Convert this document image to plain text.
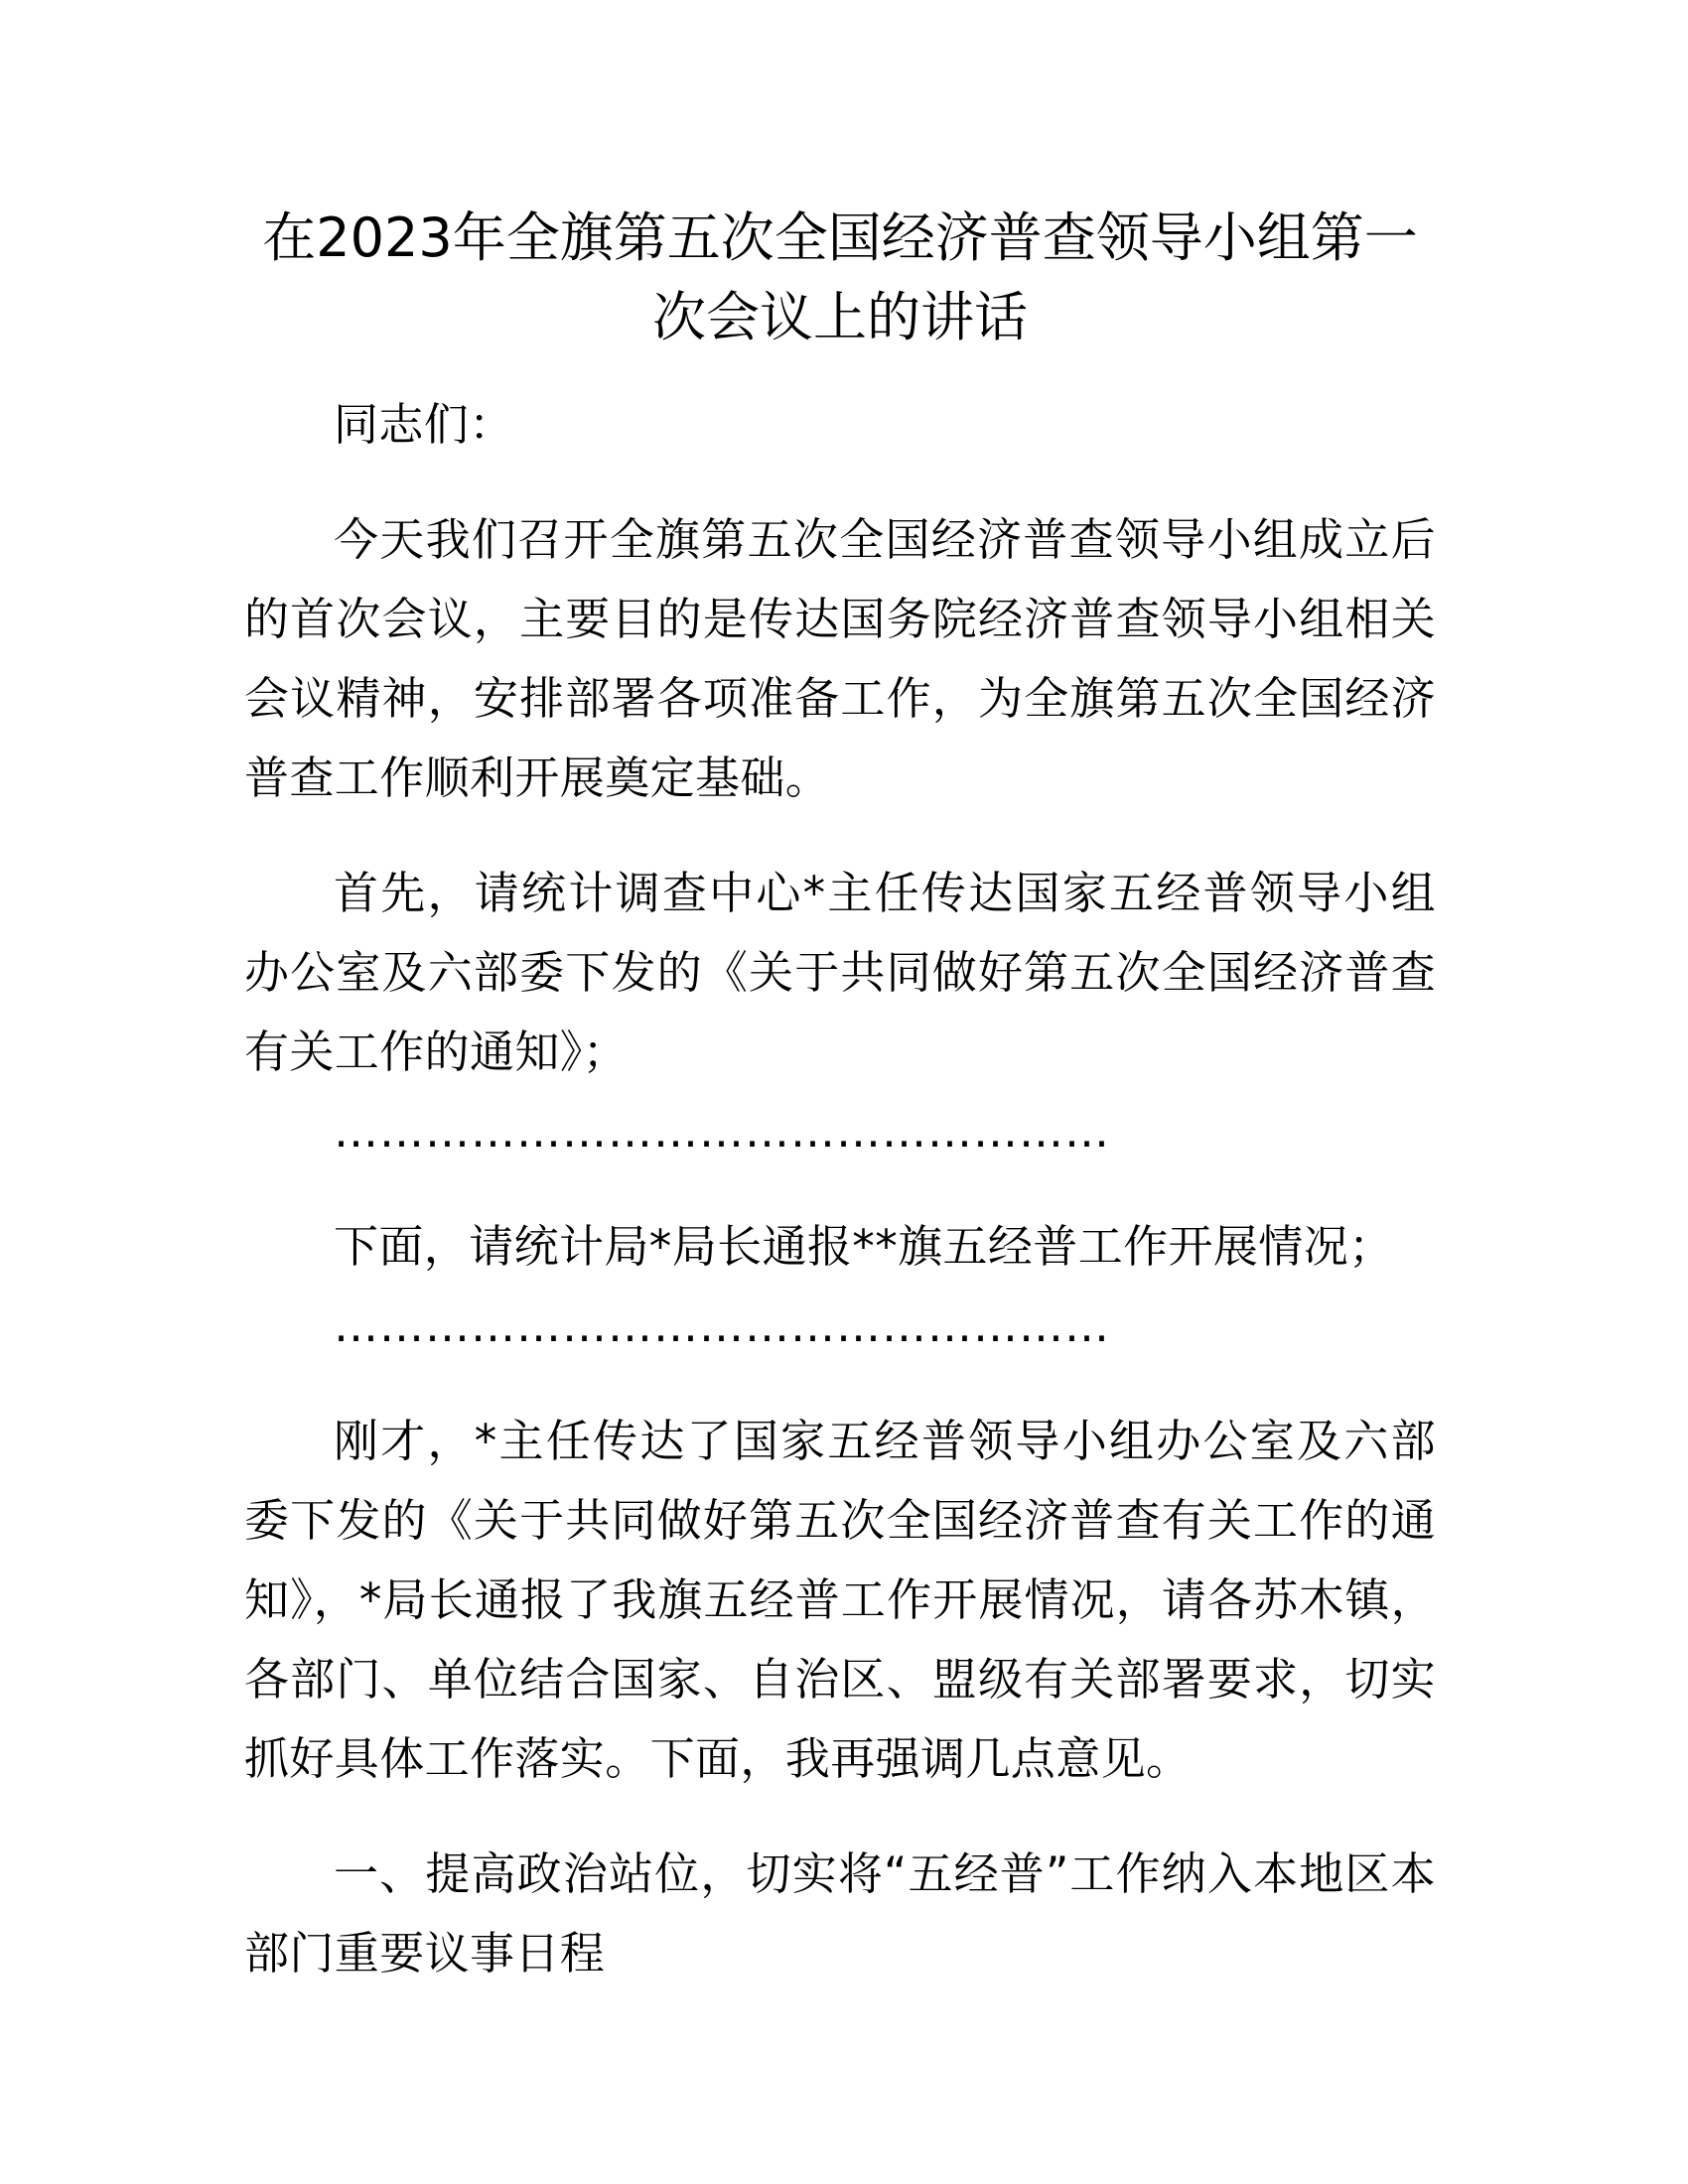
在2023年全旗第五次全国经济普查领导小组第一次会议上的讲话

同志们：

今天我们召开全旗第五次全国经济普查领导小组成立后的首次会议，主要目的是传达国务院经济普查领导小组相关会议精神，安排部署各项准备工作，为全旗第五次全国经济普查工作顺利开展奠定基础。

首先，请统计调查中心*主任传达国家五经普领导小组办公室及六部委下发的《关于共同做好第五次全国经济普查有关工作的通知》；

……………………………………………

下面，请统计局*局长通报**旗五经普工作开展情况；

……………………………………………

刚才，*主任传达了国家五经普领导小组办公室及六部委下发的《关于共同做好第五次全国经济普查有关工作的通知》，*局长通报了我旗五经普工作开展情况，请各苏木镇，各部门、单位结合国家、自治区、盟级有关部署要求，切实抓好具体工作落实。下面，我再强调几点意见。

一、提高政治站位，切实将“五经普”工作纳入本地区本部门重要议事日程
